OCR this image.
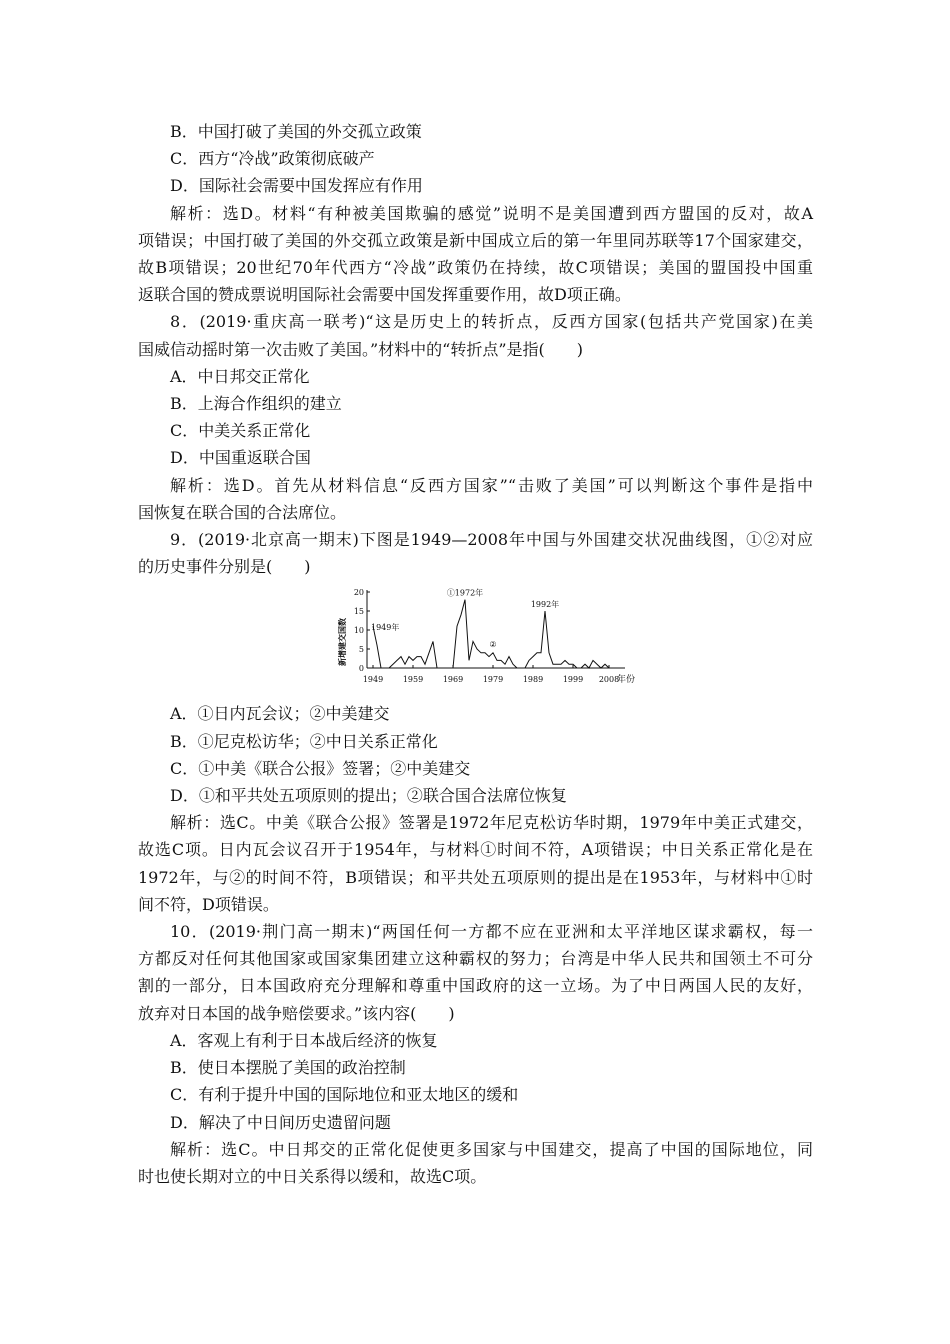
B．中国打破了美国的外交孤立政策
C．西方“冷战”政策彻底破产
D．国际社会需要中国发挥应有作用
解析：选D。材料“有种被美国欺骗的感觉”说明不是美国遭到西方盟国的反对，故A
项错误；中国打破了美国的外交孤立政策是新中国成立后的第一年里同苏联等17个国家建交，
故B项错误；20世纪70年代西方“冷战”政策仍在持续，故C项错误；美国的盟国投中国重
返联合国的赞成票说明国际社会需要中国发挥重要作用，故D项正确。
8．(2019·重庆高一联考)“这是历史上的转折点，反西方国家(包括共产党国家)在美
国威信动摇时第一次击败了美国。”材料中的“转折点”是指(　　)
A．中日邦交正常化
B．上海合作组织的建立
C．中美关系正常化
D．中国重返联合国
解析：选D。首先从材料信息“反西方国家”“击败了美国”可以判断这个事件是指中
国恢复在联合国的合法席位。
9．(2019·北京高一期末)下图是1949—2008年中国与外国建交状况曲线图，①②对应
的历史事件分别是(　　)
新增建交国数
年份
0
5
10
15
20
1949 1959 1969 1979 1989 1999 2008
1949年
①1972年
②
1992年
A．①日内瓦会议；②中美建交
B．①尼克松访华；②中日关系正常化
C．①中美《联合公报》签署；②中美建交
D．①和平共处五项原则的提出；②联合国合法席位恢复
解析：选C。中美《联合公报》签署是1972年尼克松访华时期，1979年中美正式建交，
故选C项。日内瓦会议召开于1954年，与材料①时间不符，A项错误；中日关系正常化是在
1972年，与②的时间不符，B项错误；和平共处五项原则的提出是在1953年，与材料中①时
间不符，D项错误。
10．(2019·荆门高一期末)“两国任何一方都不应在亚洲和太平洋地区谋求霸权，每一
方都反对任何其他国家或国家集团建立这种霸权的努力；台湾是中华人民共和国领土不可分
割的一部分，日本国政府充分理解和尊重中国政府的这一立场。为了中日两国人民的友好，
放弃对日本国的战争赔偿要求。”该内容(　　)
A．客观上有利于日本战后经济的恢复
B．使日本摆脱了美国的政治控制
C．有利于提升中国的国际地位和亚太地区的缓和
D．解决了中日间历史遗留问题
解析：选C。中日邦交的正常化促使更多国家与中国建交，提高了中国的国际地位，同
时也使长期对立的中日关系得以缓和，故选C项。
